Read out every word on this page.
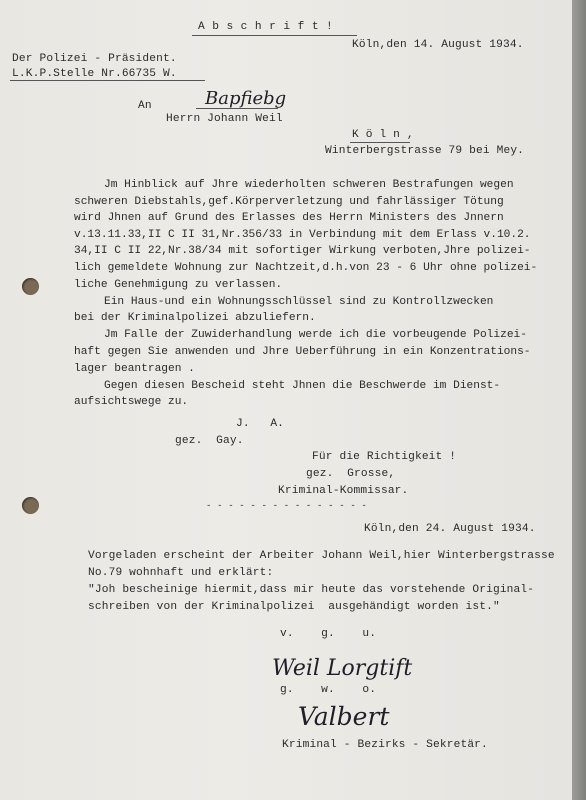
A b s c h r i f t !
Köln,den 14. August 1934.
Der Polizei - Präsident.
L.K.P.Stelle Nr.66735 W.
An	Bapfiebg
Herrn Johann Weil
K ö l n ,
Winterbergstrasse 79 bei Mey.
Jm Hinblick auf Jhre wiederholten schweren Bestrafungen wegen
schweren Diebstahls,gef.Körperverletzung und fahrlässiger Tötung
wird Jhnen auf Grund des Erlasses des Herrn Ministers des Jnnern
v.13.11.33,II C II 31,Nr.356/33 in Verbindung mit dem Erlass v.10.2.
34,II C II 22,Nr.38/34 mit sofortiger Wirkung verboten,Jhre polizei-
lich gemeldete Wohnung zur Nachtzeit,d.h.von 23 - 6 Uhr ohne polizei-
liche Genehmigung zu verlassen.
Ein Haus-und ein Wohnungsschlüssel sind zu Kontrollzwecken
bei der Kriminalpolizei abzuliefern.
Jm Falle der Zuwiderhandlung werde ich die vorbeugende Polizei-
haft gegen Sie anwenden und Jhre Ueberführung in ein Konzentrations-
lager beantragen .
Gegen diesen Bescheid steht Jhnen die Beschwerde im Dienst-
aufsichtswege zu.
J.   A.
gez.  Gay.
Für die Richtigkeit !
gez.  Grosse,
Kriminal-Kommissar.
- - - - - - - - - - - - - - -
Köln,den 24. August 1934.
Vorgeladen erscheint der Arbeiter Johann Weil,hier Winterbergstrasse
No.79 wohnhaft und erklärt:
"Joh bescheinige hiermit,dass mir heute das vorstehende Original-
schreiben von der Kriminalpolizei  ausgehändigt worden ist."
v.    g.    u.
Weil Lorgtift
g.    w.    o.
Valbert
Kriminal - Bezirks - Sekretär.
